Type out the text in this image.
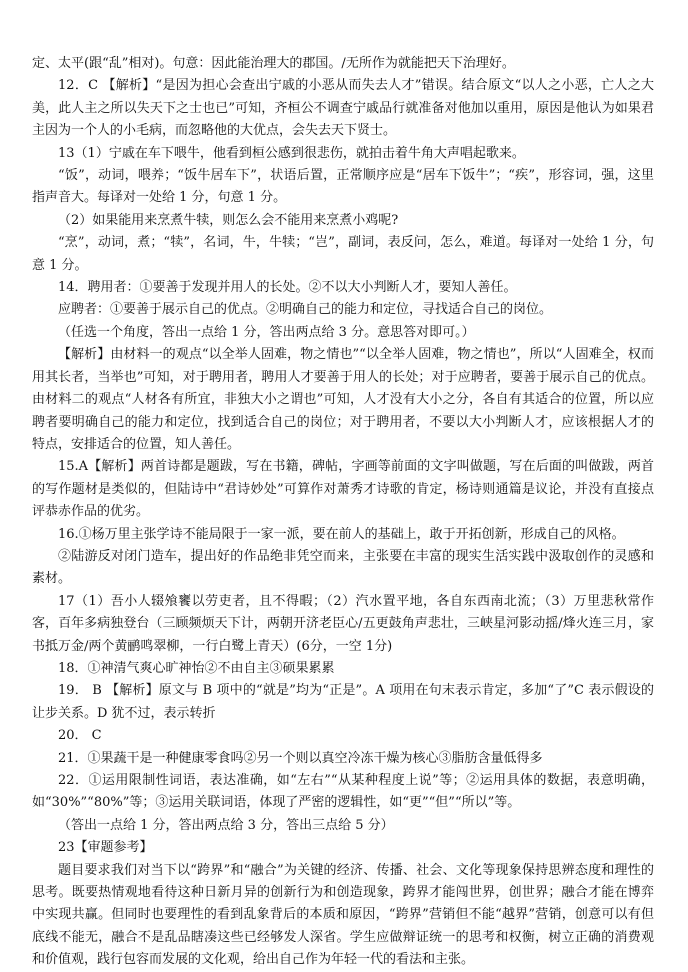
定、太平(跟“乱”相对)。句意：因此能治理大的郡国。/无所作为就能把天下治理好。

12．C 【解析】“是因为担心会查出宁戚的小恶从而失去人才”错误。结合原文“以人之小恶，亡人之大美，此人主之所以失天下之士也已”可知，齐桓公不调查宁戚品行就准备对他加以重用，原因是他认为如果君主因为一个人的小毛病，而忽略他的大优点，会失去天下贤士。

13（1）宁戚在车下喂牛，他看到桓公感到很悲伤，就拍击着牛角大声唱起歌来。

“饭”，动词，喂养；“饭牛居车下”，状语后置，正常顺序应是“居车下饭牛”；“疾”，形容词，强，这里指声音大。每译对一处给 1 分，句意 1 分。

（2）如果能用来烹煮牛犊，则怎么会不能用来烹煮小鸡呢?

“烹”，动词，煮；“犊”，名词，牛，牛犊；“岂”，副词，表反问，怎么，难道。每译对一处给 1 分，句意 1 分。

14．聘用者：①要善于发现并用人的长处。②不以大小判断人才，要知人善任。

应聘者：①要善于展示自己的优点。②明确自己的能力和定位，寻找适合自己的岗位。

（任选一个角度，答出一点给 1 分，答出两点给 3 分。意思答对即可。）

【解析】由材料一的观点“以全举人固难，物之情也”“以全举人固难，物之情也”，所以“人固难全，权而用其长者，当举也”可知，对于聘用者，聘用人才要善于用人的长处；对于应聘者，要善于展示自己的优点。由材料二的观点“人材各有所宜，非独大小之谓也”可知，人才没有大小之分，各自有其适合的位置，所以应聘者要明确自己的能力和定位，找到适合自己的岗位；对于聘用者，不要以大小判断人才，应该根据人才的特点，安排适合的位置，知人善任。

15.A【解析】两首诗都是题跋，写在书籍，碑帖，字画等前面的文字叫做题，写在后面的叫做跋，两首的写作题材是类似的，但陆诗中“君诗妙处”可算作对萧秀才诗歌的肯定，杨诗则通篇是议论，并没有直接点评恭赤作品的优劣。

16.①杨万里主张学诗不能局限于一家一派，要在前人的基础上，敢于开拓创新，形成自己的风格。

②陆游反对闭门造车，提出好的作品绝非凭空而来，主张要在丰富的现实生活实践中汲取创作的灵感和素材。

17（1）吾小人辍飧饔以劳吏者，且不得暇；（2）汽水置平地，各自东西南北流；（3）万里悲秋常作客，百年多病独登台（三顾频烦天下计，两朝开济老臣心/五更鼓角声悲壮，三峡星河影动摇/烽火连三月，家书抵万金/两个黄鹂鸣翠柳，一行白鹭上青天）(6分，一空 1分)

18．①神清气爽心旷神怡②不由自主③硕果累累

19． B 【解析】原文与 B 项中的“就是”均为“正是”。A 项用在句末表示肯定，多加“了”C 表示假设的让步关系。D 犹不过，表示转折

20． C

21．①果蔬干是一种健康零食吗②另一个则以真空冷冻干燥为核心③脂肪含量低得多

22．①运用限制性词语，表达准确，如“左右”“从某种程度上说”等；②运用具体的数据，表意明确，如“30%”“80%”等；③运用关联词语，体现了严密的逻辑性，如“更”“但”“所以”等。

（答出一点给 1 分，答出两点给 3 分，答出三点给 5 分）

23【审题参考】

题目要求我们对当下以“跨界”和“融合”为关键的经济、传播、社会、文化等现象保持思辨态度和理性的思考。既要热情观地看待这种日新月异的创新行为和创造现象，跨界才能闯世界，创世界；融合才能在博弈中实现共赢。但同时也要理性的看到乱象背后的本质和原因，“跨界”营销但不能“越界”营销，创意可以有但底线不能无，融合不是乱品瞎凑这些已经够发人深省。学生应做辩证统一的思考和权衡，树立正确的消费观和价值观，践行包容而发展的文化观，给出自己作为年轻一代的看法和主张。
